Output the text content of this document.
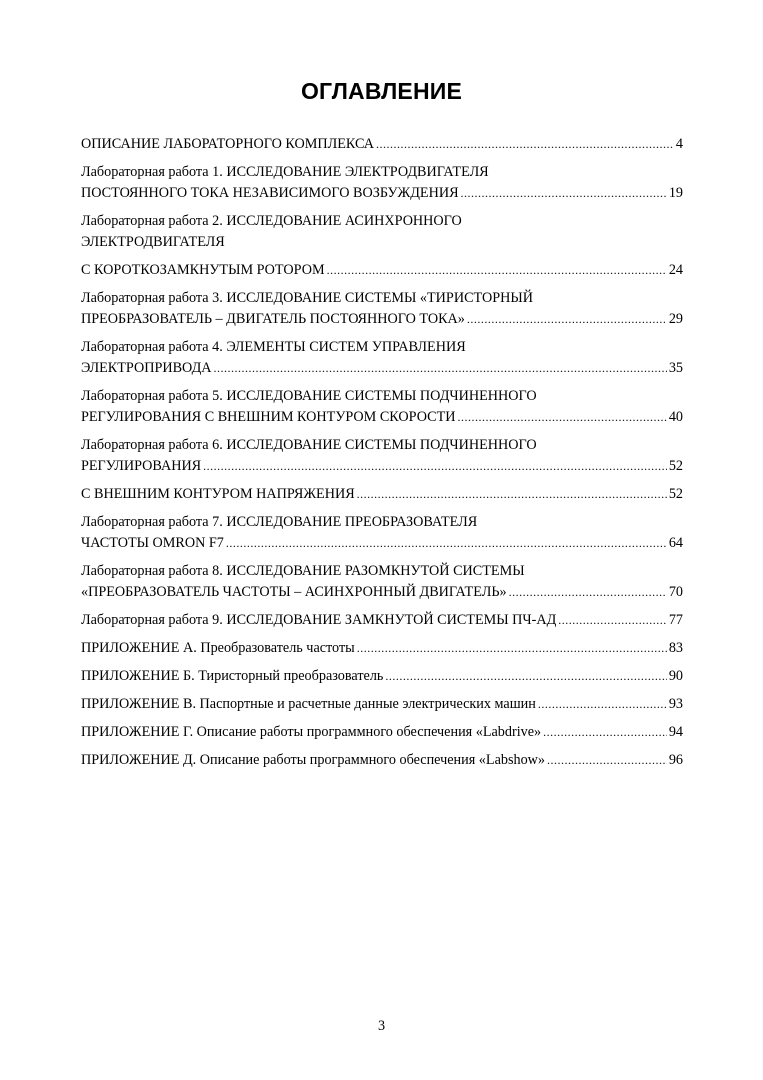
ОГЛАВЛЕНИЕ
ОПИСАНИЕ ЛАБОРАТОРНОГО КОМПЛЕКСА .....	4
Лабораторная работа 1. ИССЛЕДОВАНИЕ ЭЛЕКТРОДВИГАТЕЛЯ
ПОСТОЯННОГО ТОКА НЕЗАВИСИМОГО ВОЗБУЖДЕНИЯ .....	19
Лабораторная работа 2. ИССЛЕДОВАНИЕ АСИНХРОННОГО
ЭЛЕКТРОДВИГАТЕЛЯ
С КОРОТКОЗАМКНУТЫМ РОТОРОМ .....	24
Лабораторная работа 3. ИССЛЕДОВАНИЕ СИСТЕМЫ «ТИРИСТОРНЫЙ
ПРЕОБРАЗОВАТЕЛЬ – ДВИГАТЕЛЬ ПОСТОЯННОГО ТОКА» .....	29
Лабораторная работа 4. ЭЛЕМЕНТЫ СИСТЕМ УПРАВЛЕНИЯ
ЭЛЕКТРОПРИВОДА .....	35
Лабораторная работа 5. ИССЛЕДОВАНИЕ СИСТЕМЫ ПОДЧИНЕННОГО
РЕГУЛИРОВАНИЯ С ВНЕШНИМ КОНТУРОМ СКОРОСТИ .....	40
Лабораторная работа 6. ИССЛЕДОВАНИЕ СИСТЕМЫ ПОДЧИНЕННОГО
РЕГУЛИРОВАНИЯ .....	52
С ВНЕШНИМ КОНТУРОМ НАПРЯЖЕНИЯ .....	52
Лабораторная работа 7. ИССЛЕДОВАНИЕ ПРЕОБРАЗОВАТЕЛЯ
ЧАСТОТЫ OMRON F7 .....	64
Лабораторная работа 8. ИССЛЕДОВАНИЕ РАЗОМКНУТОЙ СИСТЕМЫ
«ПРЕОБРАЗОВАТЕЛЬ ЧАСТОТЫ – АСИНХРОННЫЙ ДВИГАТЕЛЬ» .....	70
Лабораторная работа 9. ИССЛЕДОВАНИЕ ЗАМКНУТОЙ СИСТЕМЫ ПЧ-АД .....	77
ПРИЛОЖЕНИЕ А. Преобразователь частоты .....	83
ПРИЛОЖЕНИЕ Б. Тиристорный преобразователь .....	90
ПРИЛОЖЕНИЕ В. Паспортные и расчетные данные электрических машин .....	93
ПРИЛОЖЕНИЕ Г. Описание работы программного обеспечения «Labdrive» .....	94
ПРИЛОЖЕНИЕ Д. Описание работы программного обеспечения «Labshow» .....	96
3
